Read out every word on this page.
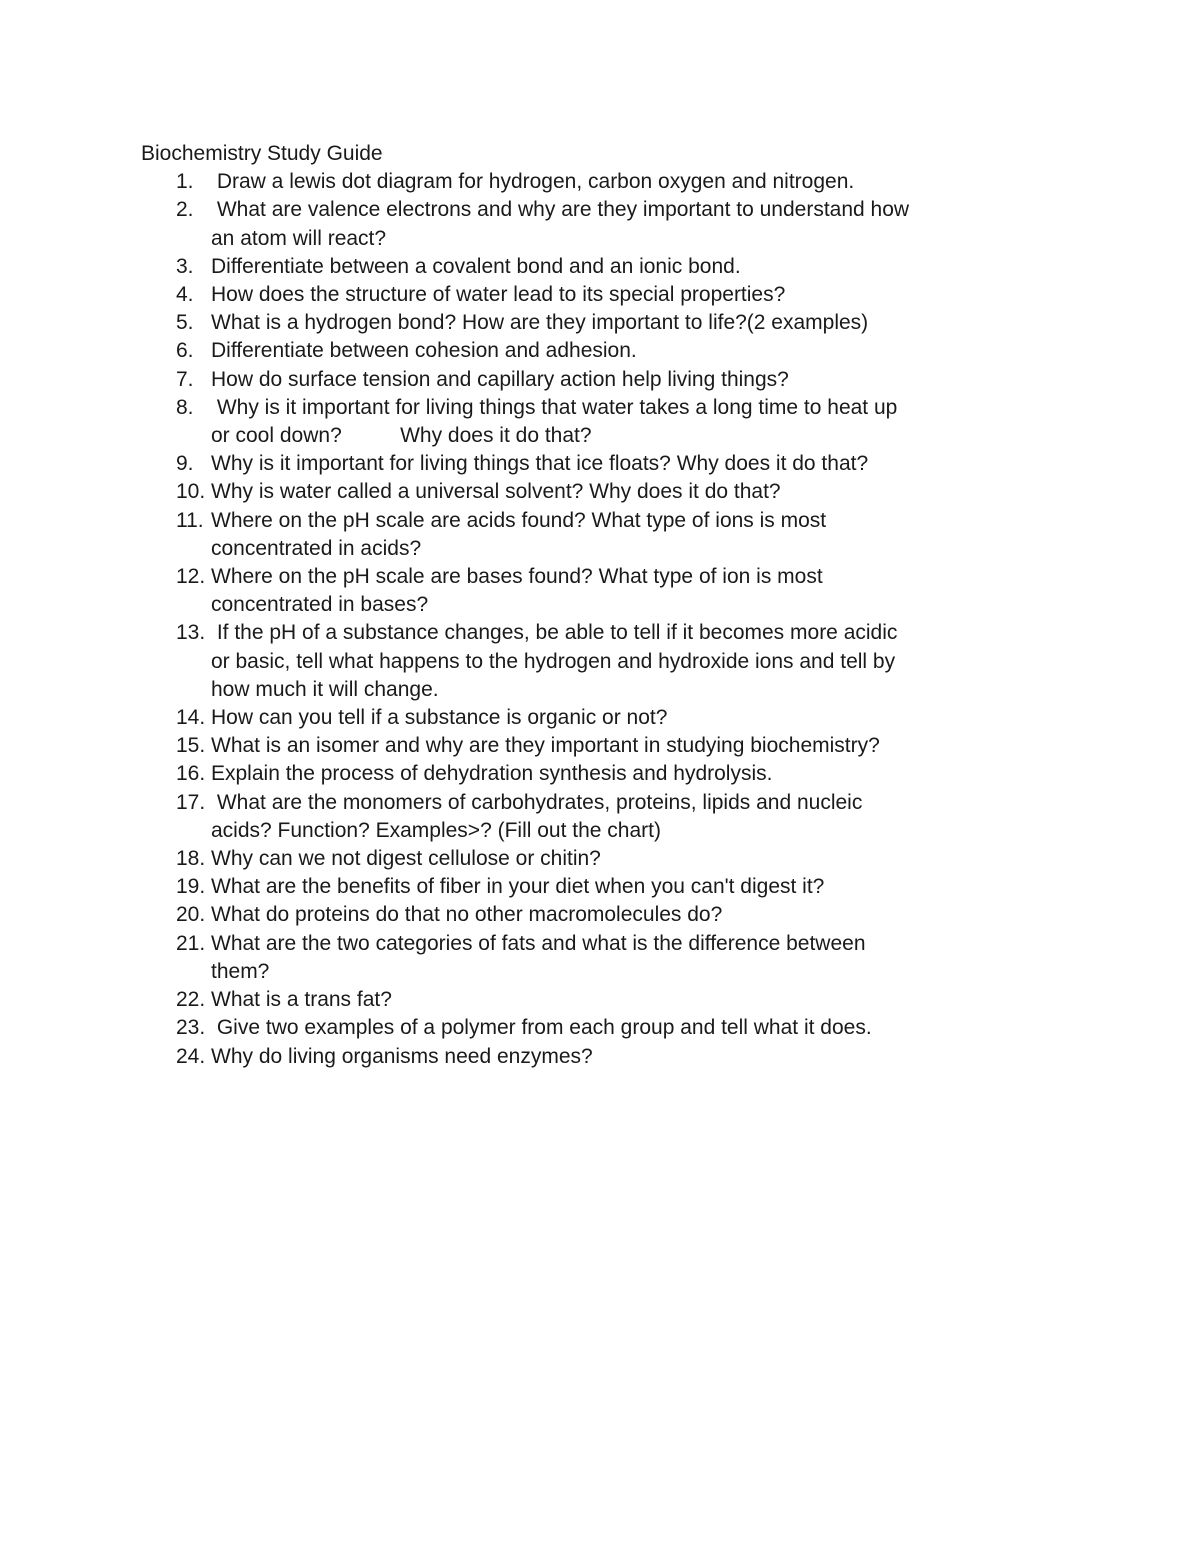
Biochemistry Study Guide
1. Draw a lewis dot diagram for hydrogen, carbon oxygen and nitrogen.
2.	What are valence electrons and why are they important to understand how
an atom will react?
3. Differentiate between a covalent bond and an ionic bond.
4. How does the structure of water lead to its special properties?
5. What is a hydrogen bond? How are they important to life?(2 examples)
6. Differentiate between cohesion and adhesion.
7. How do surface tension and capillary action help living things?
8.	Why is it important for living things that water takes a long time to heat up
or cool down?          Why does it do that?
9. Why is it important for living things that ice floats? Why does it do that?
10. Why is water called a universal solvent? Why does it do that?
11. Where on the pH scale are acids found? What type of ions is most
concentrated in acids?
12. Where on the pH scale are bases found? What type of ion is most
concentrated in bases?
13. If the pH of a substance changes, be able to tell if it becomes more acidic
or basic, tell what happens to the hydrogen and hydroxide ions and tell by
how much it will change.
14. How can you tell if a substance is organic or not?
15. What is an isomer and why are they important in studying biochemistry?
16. Explain the process of dehydration synthesis and hydrolysis.
17. What are the monomers of carbohydrates, proteins, lipids and nucleic
acids? Function? Examples>? (Fill out the chart)
18. Why can we not digest cellulose or chitin?
19. What are the benefits of fiber in your diet when you can't digest it?
20. What do proteins do that no other macromolecules do?
21. What are the two categories of fats and what is the difference between
them?
22. What is a trans fat?
23. Give two examples of a polymer from each group and tell what it does.
24. Why do living organisms need enzymes?
